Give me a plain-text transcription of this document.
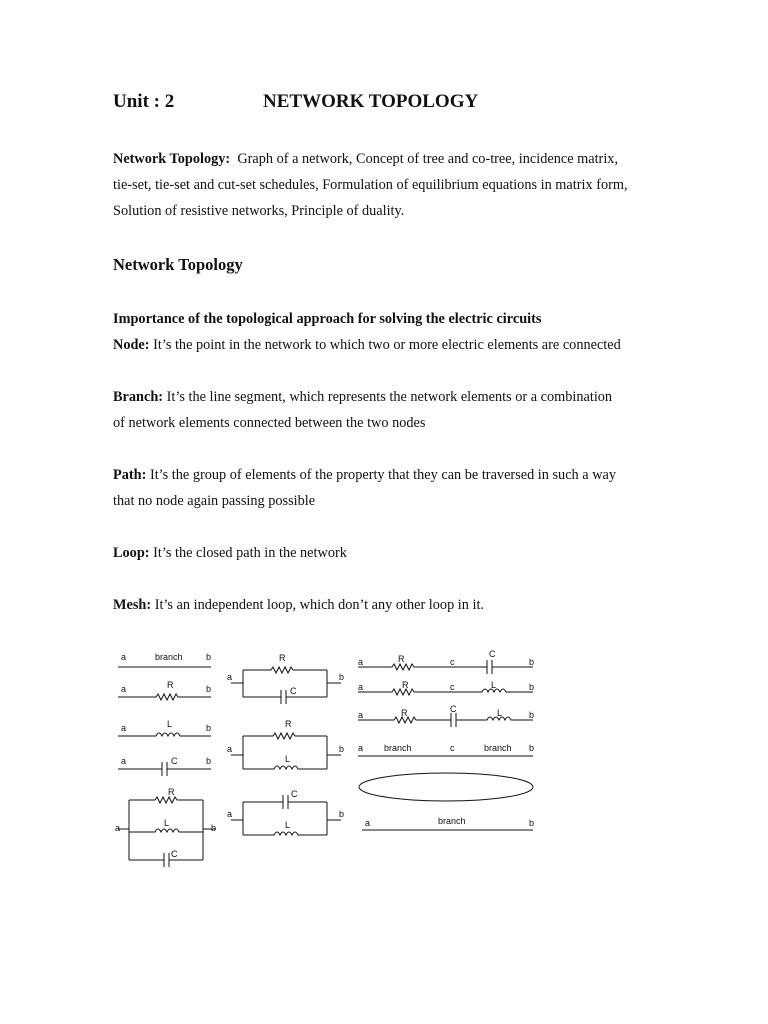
Unit : 2	NETWORK TOPOLOGY
Network Topology: Graph of a network, Concept of tree and co-tree, incidence matrix,
tie-set, tie-set and cut-set schedules, Formulation of equilibrium equations in matrix form,
Solution of resistive networks, Principle of duality.
Network Topology
Importance of the topological approach for solving the electric circuits
Node: It’s the point in the network to which two or more electric elements are connected
Branch: It’s the line segment, which represents the network elements or a combination
of network elements connected between the two nodes
Path: It’s the group of elements of the property that they can be traversed in such a way
that no node again passing possible
Loop: It’s the closed path in the network
Mesh: It’s an independent loop, which don’t any other loop in it.
a	branch	b
a	R	b
a	L	b
a	C	b
a
R
L
C
b
a
R
C
b
a
R
L
b
a
C
L
b
a	R	c
C
b
a	R	c	L	b
a	R	C	L	b
a branch	c	branch b
a	branch	b
